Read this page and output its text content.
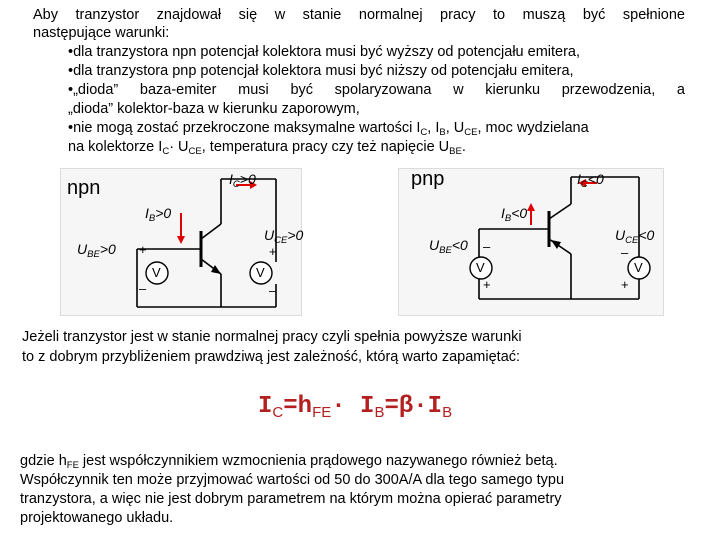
Aby tranzystor znajdował się w stanie normalnej pracy to muszą być spełnione
następujące warunki:
•dla tranzystora npn potencjał kolektora musi być wyższy od potencjału emitera,
•dla tranzystora pnp potencjał kolektora musi być niższy od potencjału emitera,
•„dioda” baza-emiter musi być spolaryzowana w kierunku przewodzenia, a
„dioda” kolektor-baza w kierunku zaporowym,
•nie mogą zostać przekroczone maksymalne wartości $I_C$, $I_B$, $U_{CE}$, moc wydzielana
na kolektorze $I_C\cdot U_{CE}$, temperatura pracy czy też napięcie $U_{BE}$.
npn	$I_C>0$
$I_B>0$
$U_{BE}>0$
$U_{CE}>0$
+
–
+
–
V	V
pnp	$I_C<0$
$I_B<0$
$U_{BE}<0$
$U_{CE}<0$
–
+
–
+
V	V
Jeżeli tranzystor jest w stanie normalnej pracy czyli spełnia powyższe warunki
to z dobrym przybliżeniem prawdziwą jest zależność, którą warto zapamiętać:
$I_C=h_{FE}\cdot I_B=\beta\cdot I_B$
gdzie $h_{FE}$ jest współczynnikiem wzmocnienia prądowego nazywanego również betą.
Współczynnik ten może przyjmować wartości od 50 do 300A/A dla tego samego typu
tranzystora, a więc nie jest dobrym parametrem na którym można opierać parametry
projektowanego układu.
